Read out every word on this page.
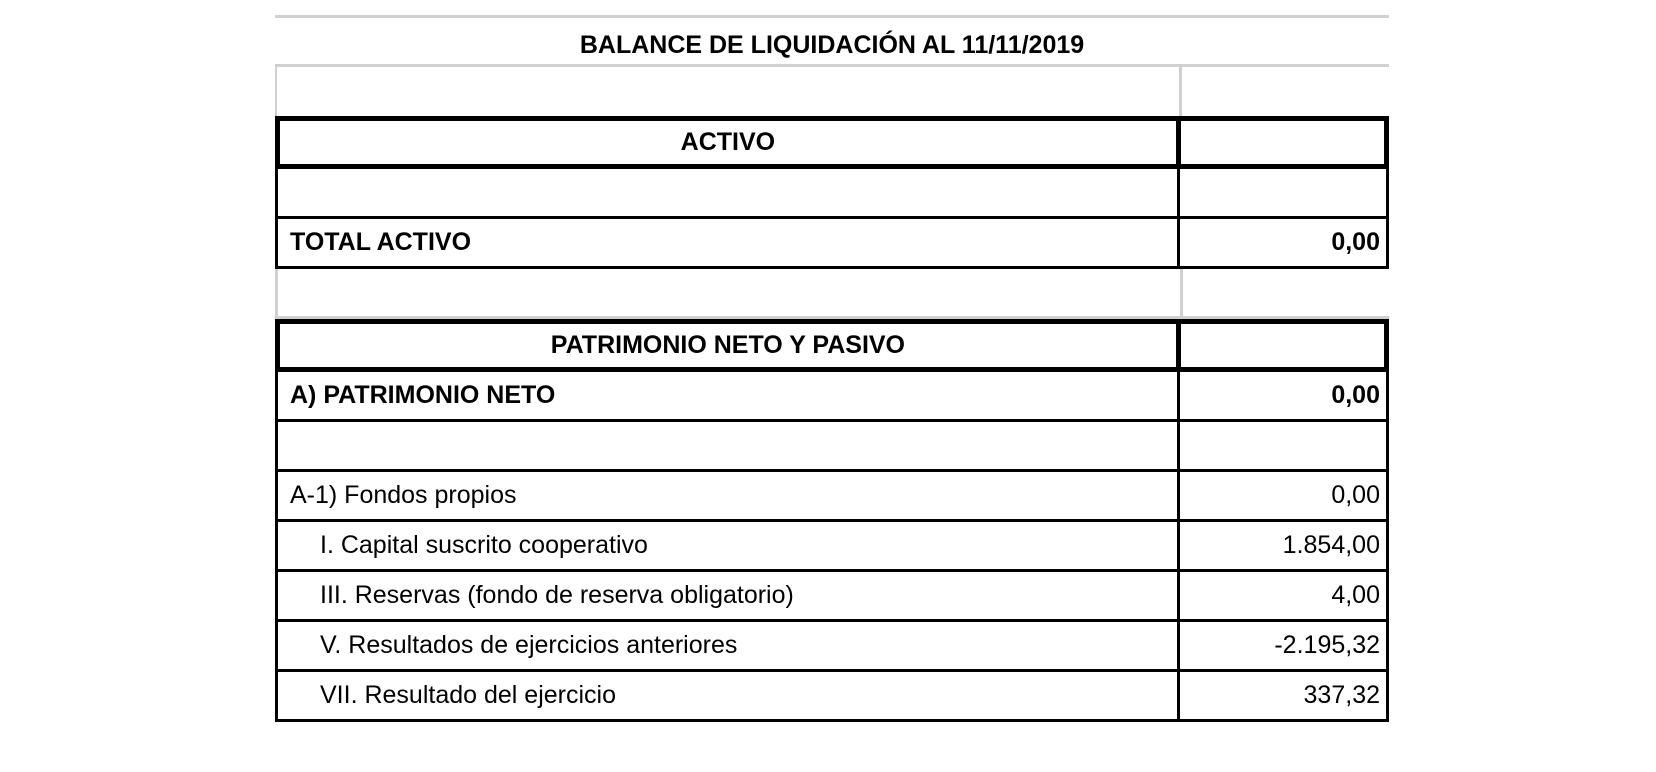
BALANCE DE LIQUIDACIÓN AL 11/11/2019
ACTIVO
TOTAL ACTIVO	0,00
PATRIMONIO NETO Y PASIVO
A) PATRIMONIO NETO	0,00
A-1) Fondos propios	0,00
I. Capital suscrito cooperativo	1.854,00
III. Reservas (fondo de reserva obligatorio)	4,00
V. Resultados de ejercicios anteriores	-2.195,32
VII. Resultado del ejercicio	337,32
